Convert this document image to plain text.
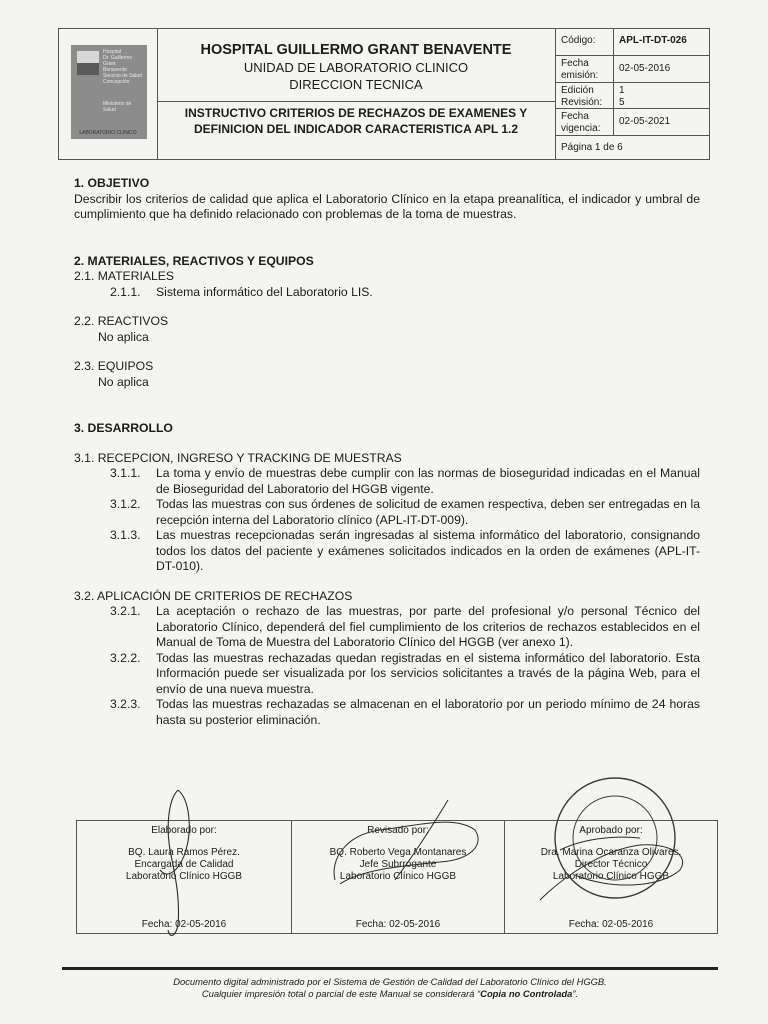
Hospital
Dr. Guillermo
Grant
Benavente
Servicio de Salud
Concepción
Ministerio de
Salud
LABORATORIO CLINICO
HOSPITAL GUILLERMO GRANT BENAVENTE
UNIDAD DE LABORATORIO CLINICO
DIRECCION TECNICA
INSTRUCTIVO CRITERIOS DE RECHAZOS DE EXAMENES Y DEFINICION DEL INDICADOR CARACTERISTICA APL 1.2
Código:	APL-IT-DT-026
Fecha emisión:
02-05-2016
Edición
Revisión:
1
5
Fecha vigencia:
02-05-2021
Página 1 de 6
1. OBJETIVO
Describir los criterios de calidad que aplica el Laboratorio Clínico en la etapa preanalítica, el indicador y umbral de cumplimiento que ha definido relacionado con problemas de la toma de muestras.
2. MATERIALES, REACTIVOS Y EQUIPOS
2.1. MATERIALES
2.1.1. Sistema informático del Laboratorio LIS.
2.2. REACTIVOS
No aplica
2.3. EQUIPOS
No aplica
3. DESARROLLO
3.1. RECEPCION, INGRESO Y TRACKING DE MUESTRAS
3.1.1. La toma y envío de muestras debe cumplir con las normas de bioseguridad indicadas en el Manual de Bioseguridad del Laboratorio del HGGB vigente.
3.1.2. Todas las muestras con sus órdenes de solicitud de examen respectiva, deben ser entregadas en la recepción interna del Laboratorio clínico (APL-IT-DT-009).
3.1.3. Las muestras recepcionadas serán ingresadas al sistema informático del laboratorio, consignando todos los datos del paciente y exámenes solicitados indicados en la orden de exámenes (APL-IT-DT-010).
3.2. APLICACIÓN DE CRITERIOS DE RECHAZOS
3.2.1. La aceptación o rechazo de las muestras, por parte del profesional y/o personal Técnico del Laboratorio Clínico, dependerá del fiel cumplimiento de los criterios de rechazos establecidos en el Manual de Toma de Muestra del Laboratorio Clínico del HGGB (ver anexo 1).
3.2.2. Todas las muestras rechazadas quedan registradas en el sistema informático del laboratorio. Esta Información puede ser visualizada por los servicios solicitantes a través de la página Web, para el envío de una nueva muestra.
3.2.3. Todas las muestras rechazadas se almacenan en el laboratorio por un periodo mínimo de 24 horas hasta su posterior eliminación.
Elaborado por:
BQ. Laura Ramos Pérez.
Encargada de Calidad
Laboratorio Clínico HGGB
Fecha: 02-05-2016
Revisado por:
BQ. Roberto Vega Montanares
Jefe Subrrogante
Laboratorio Clínico HGGB
Fecha: 02-05-2016
Aprobado por:
Dra. Marina Ocaranza Olivares,
Director Técnico
Laboratorio Clínico HGGB
Fecha: 02-05-2016
Documento digital administrado por el Sistema de Gestión de Calidad del Laboratorio Clínico del HGGB.
Cualquier impresión total o parcial de este Manual se considerará “Copia no Controlada”.
